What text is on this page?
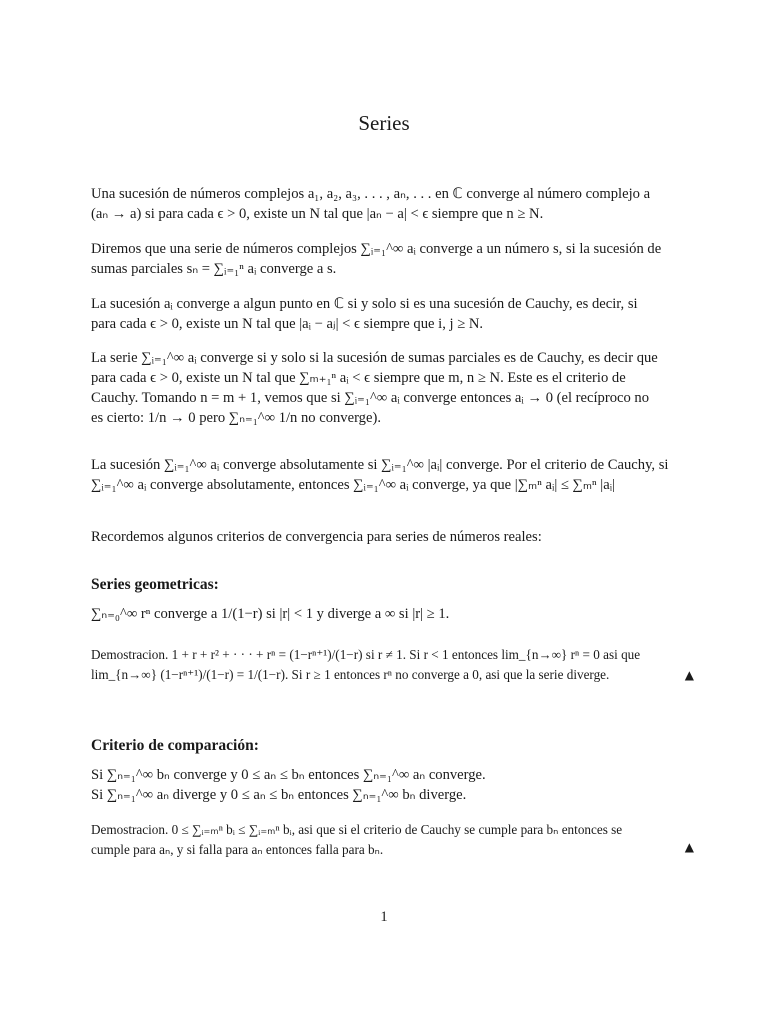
Series
Una sucesión de números complejos a₁, a₂, a₃, . . . , aₙ, . . . en ℂ converge al número complejo a
(aₙ → a) si para cada ϵ > 0, existe un N tal que |aₙ − a| < ϵ siempre que n ≥ N.
Diremos que una serie de números complejos ∑ᵢ₌₁^∞ aᵢ converge a un número s, si la sucesión de
sumas parciales sₙ = ∑ᵢ₌₁ⁿ aᵢ converge a s.
La sucesión aᵢ converge a algun punto en ℂ si y solo si es una sucesión de Cauchy, es decir, si
para cada ϵ > 0, existe un N tal que |aᵢ − aⱼ| < ϵ siempre que i, j ≥ N.
La serie ∑ᵢ₌₁^∞ aᵢ converge si y solo si la sucesión de sumas parciales es de Cauchy, es decir que
para cada ϵ > 0, existe un N tal que ∑ₘ₊₁ⁿ aᵢ < ϵ siempre que m, n ≥ N. Este es el criterio de
Cauchy. Tomando n = m + 1, vemos que si ∑ᵢ₌₁^∞ aᵢ converge entonces aᵢ → 0 (el recíproco no
es cierto: 1/n → 0 pero ∑ₙ₌₁^∞ 1/n no converge).
La sucesión ∑ᵢ₌₁^∞ aᵢ converge absolutamente si ∑ᵢ₌₁^∞ |aᵢ| converge. Por el criterio de Cauchy, si
∑ᵢ₌₁^∞ aᵢ converge absolutamente, entonces ∑ᵢ₌₁^∞ aᵢ converge, ya que |∑ₘⁿ aᵢ| ≤ ∑ₘⁿ |aᵢ|
Recordemos algunos criterios de convergencia para series de números reales:
Series geometricas:
∑ₙ₌₀^∞ rⁿ converge a 1/(1−r) si |r| < 1 y diverge a ∞ si |r| ≥ 1.
Demostracion. 1 + r + r² + · · · + rⁿ = (1−rⁿ⁺¹)/(1−r) si r ≠ 1. Si r < 1 entonces lim_{n→∞} rⁿ = 0 asi que
lim_{n→∞} (1−rⁿ⁺¹)/(1−r) = 1/(1−r). Si r ≥ 1 entonces rⁿ no converge a 0, asi que la serie diverge.	▲
Criterio de comparación:
Si ∑ₙ₌₁^∞ bₙ converge y 0 ≤ aₙ ≤ bₙ entonces ∑ₙ₌₁^∞ aₙ converge.
Si ∑ₙ₌₁^∞ aₙ diverge y 0 ≤ aₙ ≤ bₙ entonces ∑ₙ₌₁^∞ bₙ diverge.
Demostracion. 0 ≤ ∑ᵢ₌ₘⁿ bᵢ ≤ ∑ᵢ₌ₘⁿ bᵢ, asi que si el criterio de Cauchy se cumple para bₙ entonces se
cumple para aₙ, y si falla para aₙ entonces falla para bₙ.	▲
1
